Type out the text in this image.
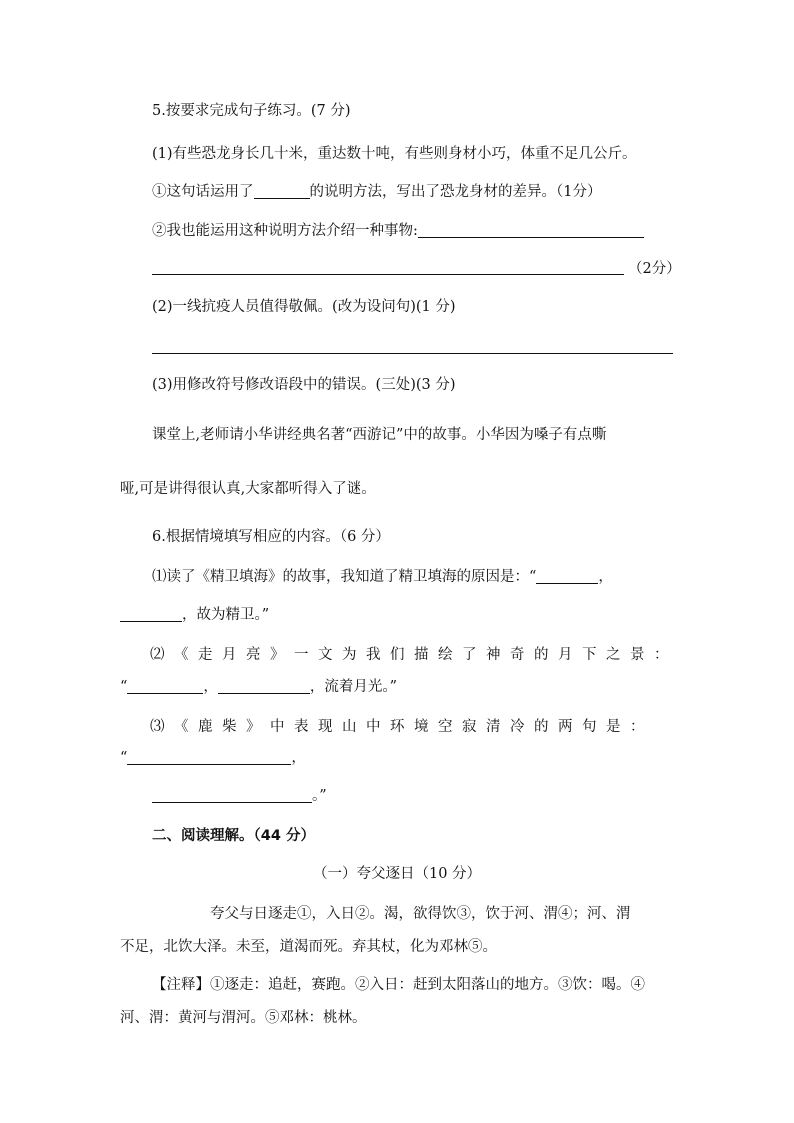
5.按要求完成句子练习。(7 分)
(1)有些恐龙身长几十米，重达数十吨，有些则身材小巧，体重不足几公斤。
①这句话运用了	的说明方法，写出了恐龙身材的差异。（1分）
②我也能运用这种说明方法介绍一种事物:
（2分）
(2)一线抗疫人员值得敬佩。(改为设问句)(1 分)
(3)用修改符号修改语段中的错误。(三处)(3 分)
课堂上,老师请小华讲经典名著“西游记”中的故事。小华因为嗓子有点嘶
哑,可是讲得很认真,大家都听得入了谜。
6.根据情境填写相应的内容。（6 分）
⑴读了《精卫填海》的故事，我知道了精卫填海的原因是：“	，
，故为精卫。”
⑵《走月亮》一文为我们描绘了神奇的月下之景：
“	，	，流着月光。”
⑶《鹿柴》中表现山中环境空寂清冷的两句是：
“	，
。”
二、阅读理解。（44 分）
（一）夸父逐日（10 分）
夸父与日逐走①，入日②。渴，欲得饮③，饮于河、渭④；河、渭
不足，北饮大泽。未至，道渴而死。弃其杖，化为邓林⑤。
【注释】①逐走：追赶，赛跑。②入日：赶到太阳落山的地方。③饮：喝。④
河、渭：黄河与渭河。⑤邓林：桃林。
